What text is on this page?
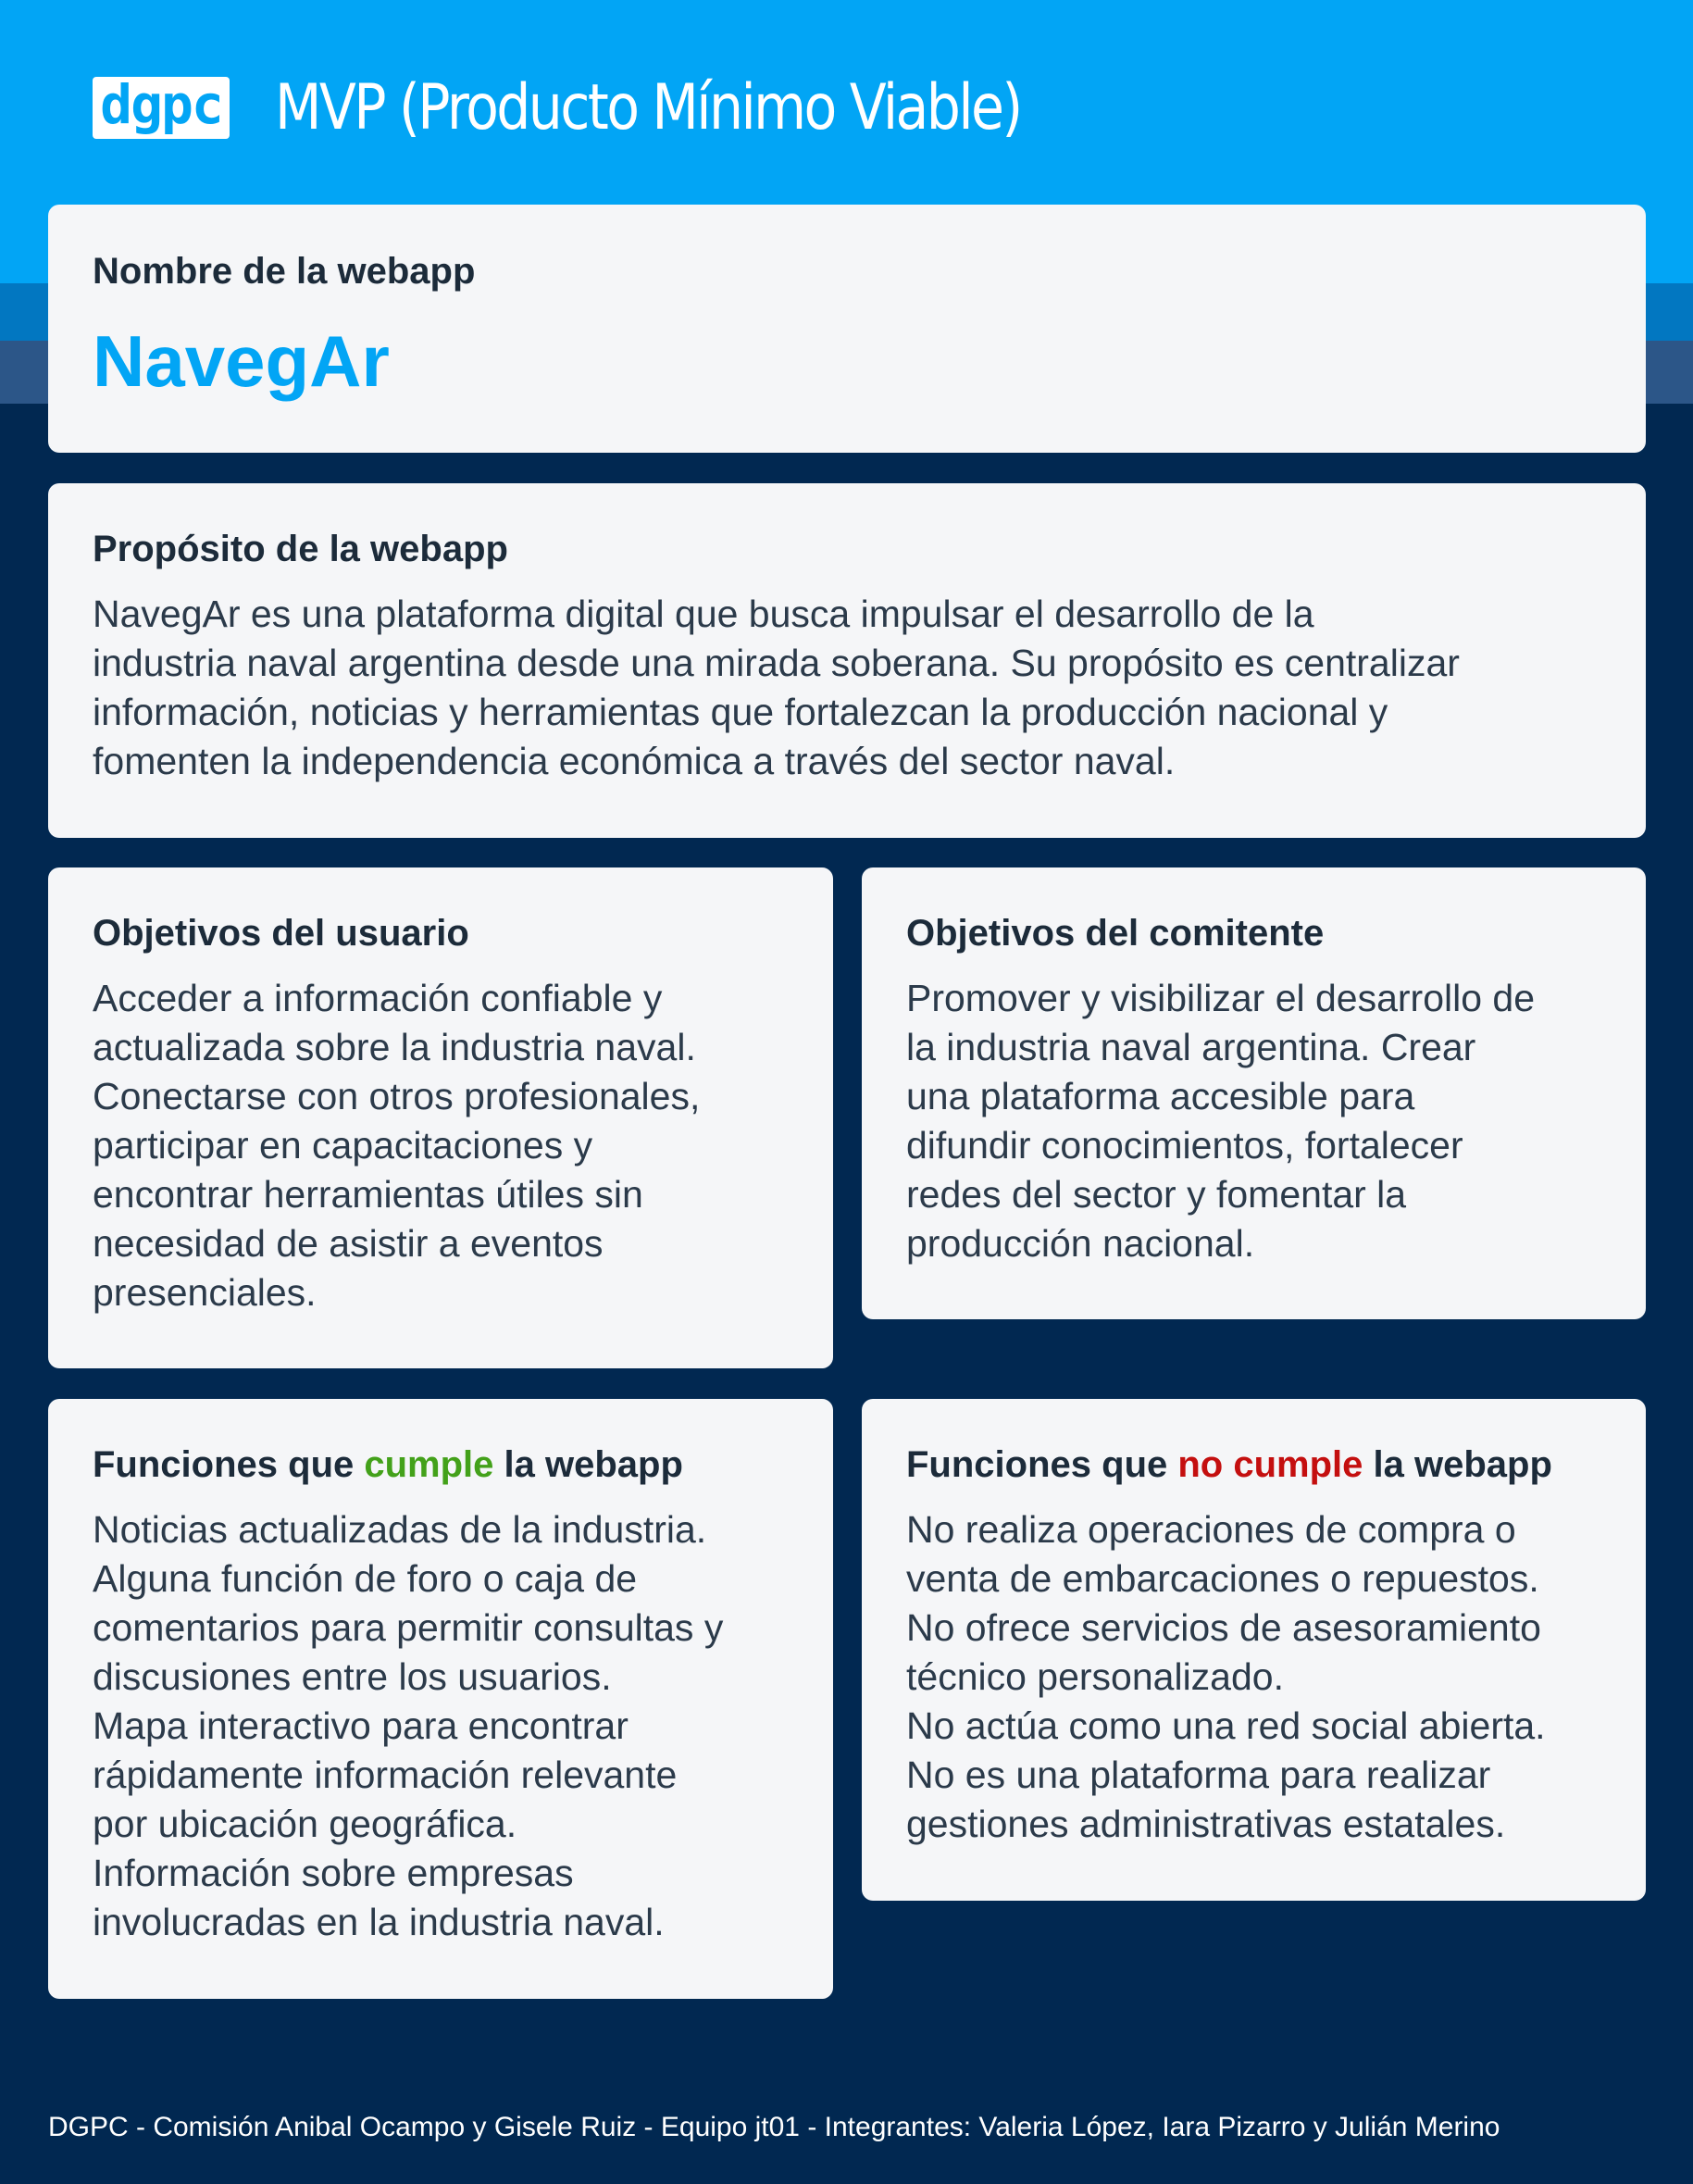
dgpc MVP (Producto Mínimo Viable)
Nombre de la webapp
NavegAr
Propósito de la webapp

NavegAr es una plataforma digital que busca impulsar el desarrollo de la
industria naval argentina desde una mirada soberana. Su propósito es centralizar
información, noticias y herramientas que fortalezcan la producción nacional y
fomenten la independencia económica a través del sector naval.

Objetivos del usuario

Acceder a información confiable y
actualizada sobre la industria naval.
Conectarse con otros profesionales,
participar en capacitaciones y
encontrar herramientas útiles sin
necesidad de asistir a eventos
presenciales.

Objetivos del comitente

Promover y visibilizar el desarrollo de
la industria naval argentina. Crear
una plataforma accesible para
difundir conocimientos, fortalecer
redes del sector y fomentar la
producción nacional.

Funciones que cumple la webapp

Noticias actualizadas de la industria.
Alguna función de foro o caja de
comentarios para permitir consultas y
discusiones entre los usuarios.
Mapa interactivo para encontrar
rápidamente información relevante
por ubicación geográfica.
Información sobre empresas
involucradas en la industria naval.

Funciones que no cumple la webapp

No realiza operaciones de compra o
venta de embarcaciones o repuestos.
No ofrece servicios de asesoramiento
técnico personalizado.
No actúa como una red social abierta.
No es una plataforma para realizar
gestiones administrativas estatales.

DGPC - Comisión Anibal Ocampo y Gisele Ruiz - Equipo jt01 - Integrantes: Valeria López, Iara Pizarro y Julián Merino
